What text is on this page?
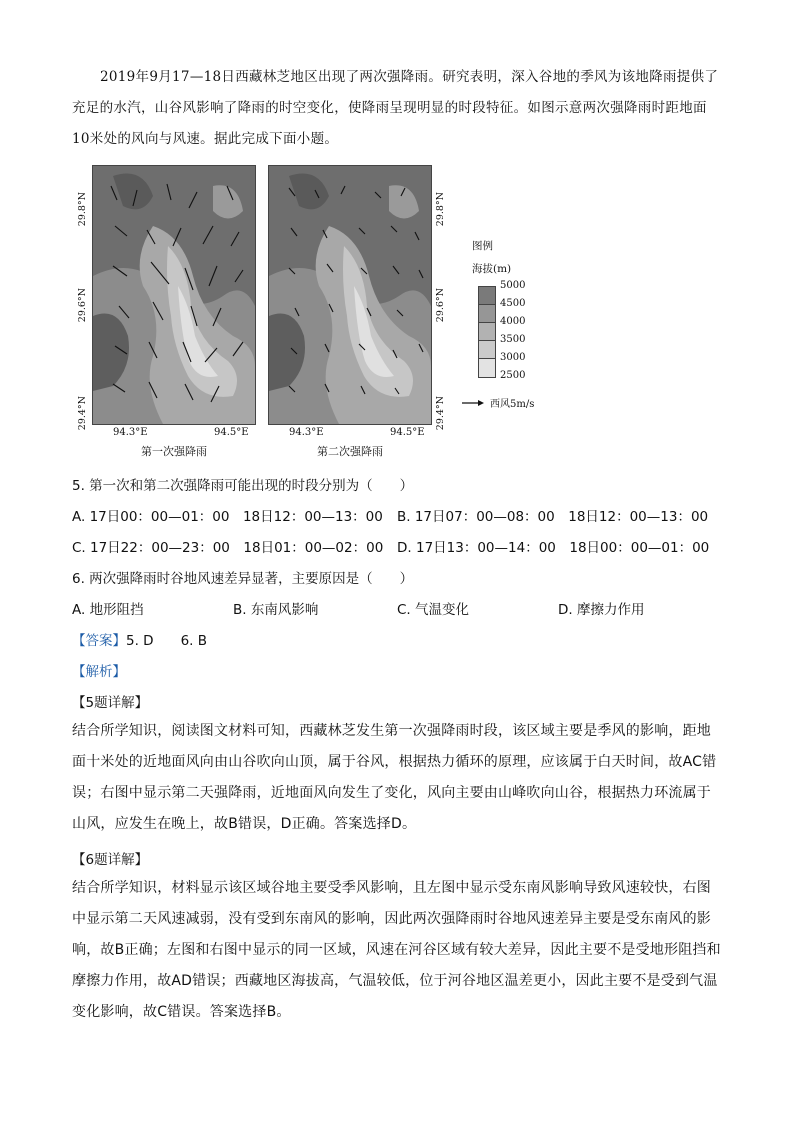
2019年9月17—18日西藏林芝地区出现了两次强降雨。研究表明，深入谷地的季风为该地降雨提供了充足的水汽，山谷风影响了降雨的时空变化，使降雨呈现明显的时段特征。如图示意两次强降雨时距地面10米处的风向与风速。据此完成下面小题。
29.8°N
29.6°N
29.4°N
94.3°E	94.5°E
第一次强降雨
29.8°N
29.6°N
29.4°N
94.3°E	94.5°E
第二次强降雨
图例
海拔(m)
5000
4500
4000
3500
3000
2500
西风5m/s
5. 第一次和第二次强降雨可能出现的时段分别为（　　）
A. 17日00：00—01：00　18日12：00—13：00 B. 17日07：00—08：00　18日12：00—13：00
C. 17日22：00—23：00　18日01：00—02：00 D. 17日13：00—14：00　18日00：00—01：00
6. 两次强降雨时谷地风速差异显著，主要原因是（　　）
A. 地形阻挡	B. 东南风影响	C. 气温变化	D. 摩擦力作用
【答案】5. D　　6. B
【解析】
【5题详解】
结合所学知识，阅读图文材料可知，西藏林芝发生第一次强降雨时段，该区域主要是季风的影响，距地面十米处的近地面风向由山谷吹向山顶，属于谷风，根据热力循环的原理，应该属于白天时间，故AC错误；右图中显示第二天强降雨，近地面风向发生了变化，风向主要由山峰吹向山谷，根据热力环流属于山风，应发生在晚上，故B错误，D正确。答案选择D。
【6题详解】
结合所学知识，材料显示该区域谷地主要受季风影响，且左图中显示受东南风影响导致风速较快，右图中显示第二天风速减弱，没有受到东南风的影响，因此两次强降雨时谷地风速差异主要是受东南风的影响，故B正确；左图和右图中显示的同一区域，风速在河谷区域有较大差异，因此主要不是受地形阻挡和摩擦力作用，故AD错误；西藏地区海拔高，气温较低，位于河谷地区温差更小，因此主要不是受到气温变化影响，故C错误。答案选择B。
